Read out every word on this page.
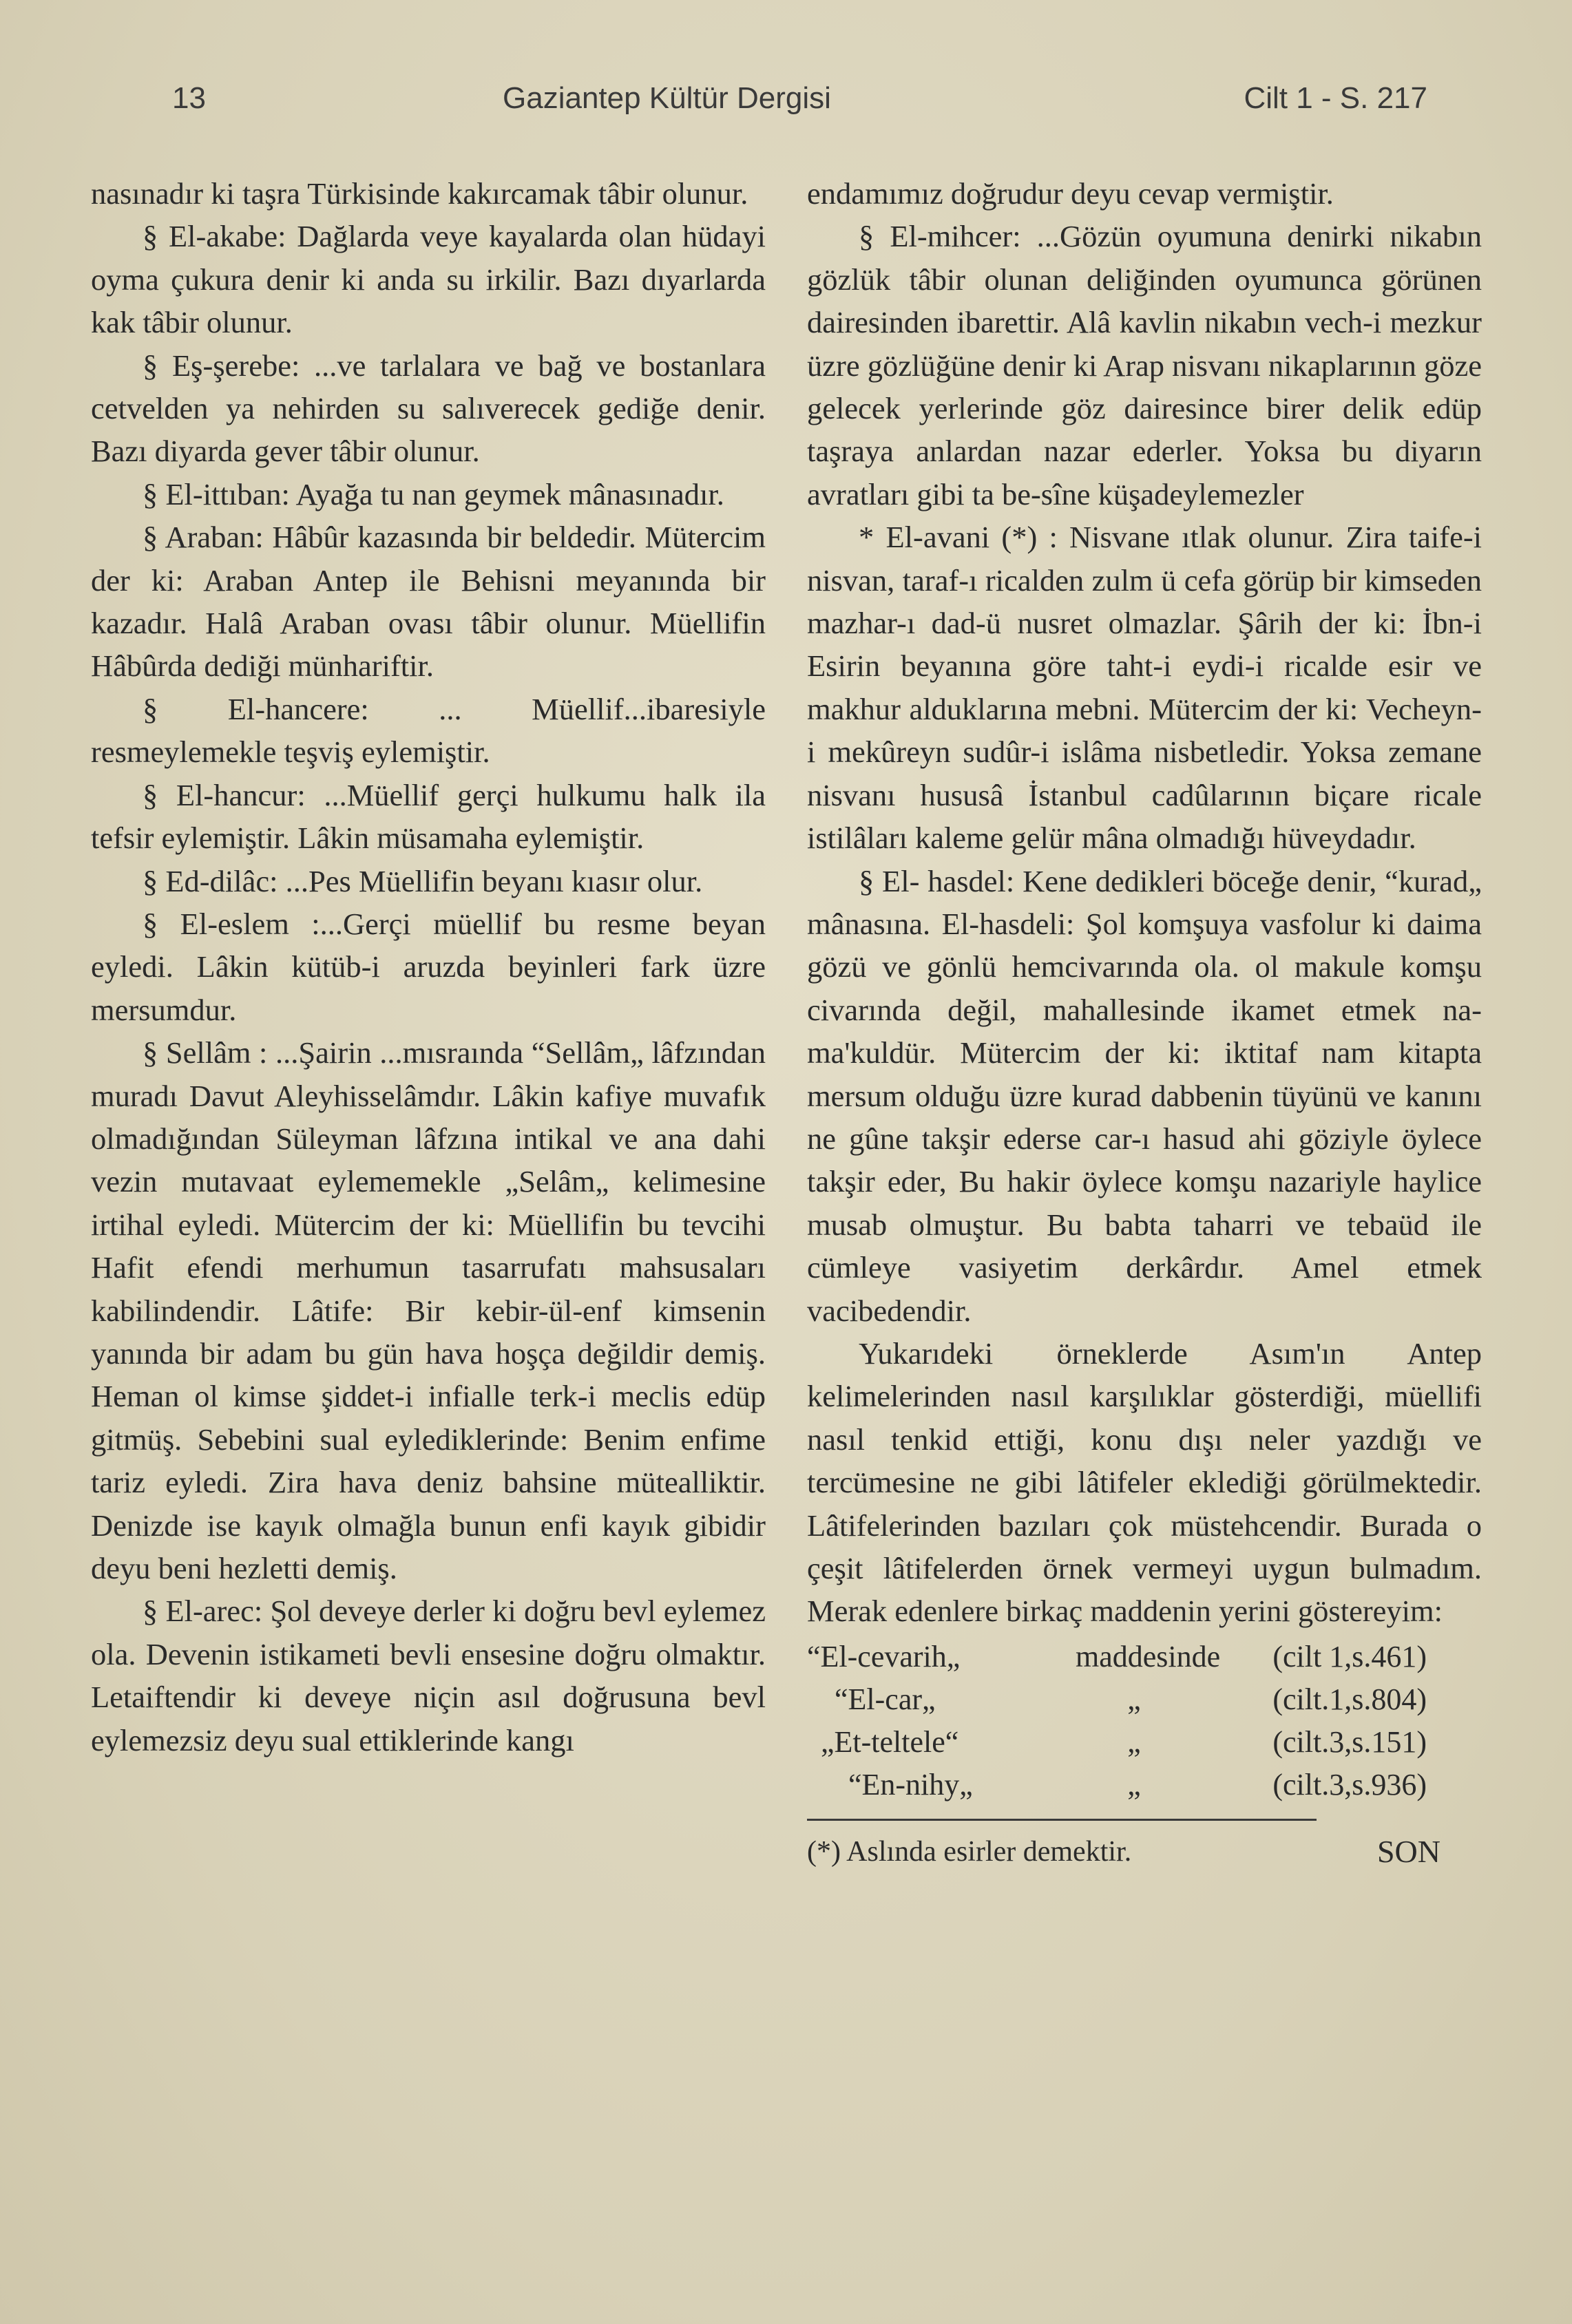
13	Gaziantep Kültür Dergisi	Cilt 1 - S. 217

nasınadır ki taşra Türkisinde kakırcamak tâbir olunur.

§ El-akabe: Dağlarda veye kayalarda olan hüdayi oyma çukura denir ki anda su irkilir. Bazı dıyarlarda kak tâbir olunur.

§ Eş-şerebe: ...ve tarlalara ve bağ ve bostanlara cetvelden ya nehirden su salıverecek gediğe denir. Bazı diyarda gever tâbir olunur.

§ El-ittıban: Ayağa tu nan geymek mânasınadır.

§ Araban: Hâbûr kazasında bir beldedir. Mütercim der ki: Araban Antep ile Behisni meyanında bir kazadır. Halâ Araban ovası tâbir olunur. Müellifin Hâbûrda dediği münhariftir.

§ El-hancere: ... Müellif...ibaresiyle resmeylemekle teşviş eylemiştir.

§ El-hancur: ...Müellif gerçi hulkumu halk ila tefsir eylemiştir. Lâkin müsamaha eylemiştir.

§ Ed-dilâc: ...Pes Müellifin beyanı kıasır olur.

§ El-eslem :...Gerçi müellif bu resme beyan eyledi. Lâkin kütüb-i aruzda beyinleri fark üzre mersumdur.

§ Sellâm : ...Şairin ...mısraında “Sellâm„ lâfzından muradı Davut Aleyhisselâmdır. Lâkin kafiye muvafık olmadığından Süleyman lâfzına intikal ve ana dahi vezin mutavaat eylememekle „Selâm„ kelimesine irtihal eyledi. Mütercim der ki: Müellifin bu tevcihi Hafit efendi merhumun tasarrufatı mahsusaları kabilindendir. Lâtife: Bir kebir-ül-enf kimsenin yanında bir adam bu gün hava hoşça değildir demiş. Heman ol kimse şiddet-i infialle terk-i meclis edüp gitmüş. Sebebini sual eylediklerinde: Benim enfime tariz eyledi. Zira hava deniz bahsine mütealliktir. Denizde ise kayık olmağla bunun enfi kayık gibidir deyu beni hezletti demiş.

§ El-arec: Şol deveye derler ki doğru bevl eylemez ola. Devenin istikameti bevli ensesine doğru olmaktır. Letaiftendir ki deveye niçin asıl doğrusuna bevl eylemezsiz deyu sual ettiklerinde kangı

endamımız doğrudur deyu cevap vermiştir.

§ El-mihcer: ...Gözün oyumuna denirki nikabın gözlük tâbir olunan deliğinden oyumunca görünen dairesinden ibarettir. Alâ kavlin nikabın vech-i mezkur üzre gözlüğüne denir ki Arap nisvanı nikaplarının göze gelecek yerlerinde göz dairesince birer delik edüp taşraya anlardan nazar ederler. Yoksa bu diyarın avratları gibi ta be-sîne küşadeylemezler

* El-avani (*) : Nisvane ıtlak olunur. Zira taife-i nisvan, taraf-ı ricalden zulm ü cefa görüp bir kimseden mazhar-ı dad-ü nusret olmazlar. Şârih der ki: İbn-i Esirin beyanına göre taht-i eydi-i ricalde esir ve makhur alduklarına mebni. Mütercim der ki: Vecheyn-i mekûreyn sudûr-i islâma nisbetledir. Yoksa zemane nisvanı hususâ İstanbul cadûlarının biçare ricale istilâları kaleme gelür mâna olmadığı hüveydadır.

§ El- hasdel: Kene dedikleri böceğe denir, “kurad„ mânasına. El-hasdeli: Şol komşuya vasfolur ki daima gözü ve gönlü hemcivarında ola. ol makule komşu civarında değil, mahallesinde ikamet etmek na-ma'kuldür. Mütercim der ki: iktitaf nam kitapta mersum olduğu üzre kurad dabbenin tüyünü ve kanını ne gûne takşir ederse car-ı hasud ahi göziyle öylece takşir eder, Bu hakir öylece komşu nazariyle haylice musab olmuştur. Bu babta taharri ve tebaüd ile cümleye vasiyetim derkârdır. Amel etmek vacibedendir.

Yukarıdeki örneklerde Asım'ın Antep kelimelerinden nasıl karşılıklar gösterdiği, müellifi nasıl tenkid ettiği, konu dışı neler yazdığı ve tercümesine ne gibi lâtifeler eklediği görülmektedir. Lâtifelerinden bazıları çok müstehcendir. Burada o çeşit lâtifelerden örnek vermeyi uygun bulmadım. Merak edenlere birkaç maddenin yerini göstereyim:

“El-cevarih„	maddesinde	(cilt 1,s.461)
“El-car„	„	(cilt.1,s.804)
„Et-teltele“	„	(cilt.3,s.151)
“En-nihy„	„	(cilt.3,s.936)
(*) Aslında esirler demektir.	SON
